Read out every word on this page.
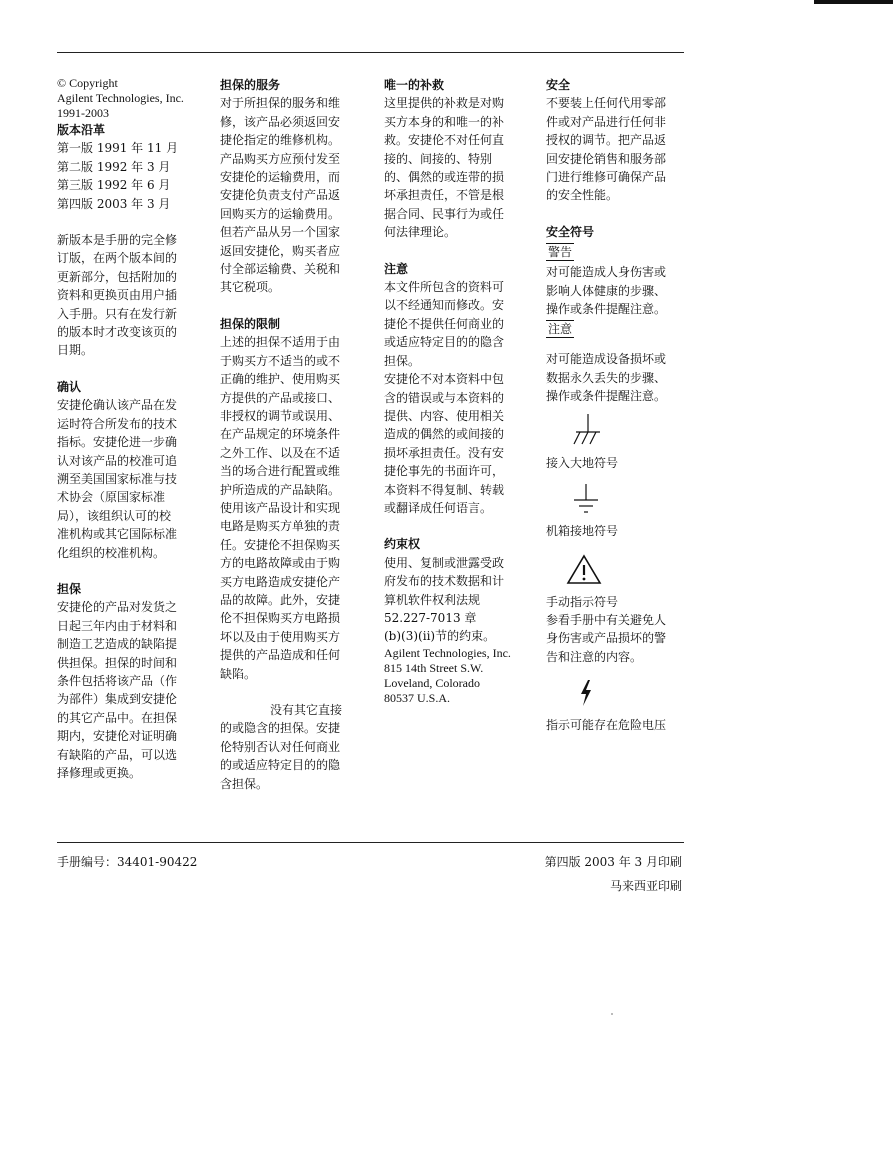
© Copyright
Agilent Technologies, Inc.
1991-2003

版本沿革

第一版 1991 年 11 月
第二版 1992 年 3 月
第三版 1992 年 6 月
第四版 2003 年 3 月

新版本是手册的完全修
订版，在两个版本间的
更新部分，包括附加的
资料和更换页由用户插
入手册。只有在发行新
的版本时才改变该页的
日期。

确认

安捷伦确认该产品在发
运时符合所发布的技术
指标。安捷伦进一步确
认对该产品的校准可追
溯至美国国家标准与技
术协会（原国家标准
局），该组织认可的校
准机构或其它国际标准
化组织的校准机构。

担保

安捷伦的产品对发货之
日起三年内由于材料和
制造工艺造成的缺陷提
供担保。担保的时间和
条件包括将该产品（作
为部件）集成到安捷伦
的其它产品中。在担保
期内，安捷伦对证明确
有缺陷的产品，可以选
择修理或更换。

担保的服务

对于所担保的服务和维
修，该产品必须返回安
捷伦指定的维修机构。
产品购买方应预付发至
安捷伦的运输费用，而
安捷伦负责支付产品返
回购买方的运输费用。
但若产品从另一个国家
返回安捷伦，购买者应
付全部运输费、关税和
其它税项。

担保的限制

上述的担保不适用于由
于购买方不适当的或不
正确的维护、使用购买
方提供的产品或接口、
非授权的调节或误用、
在产品规定的环境条件
之外工作、以及在不适
当的场合进行配置或维
护所造成的产品缺陷。
使用该产品设计和实现
电路是购买方单独的责
任。安捷伦不担保购买
方的电路故障或由于购
买方电路造成安捷伦产
品的故障。此外，安捷
伦不担保购买方电路损
坏以及由于使用购买方
提供的产品造成和任何
缺陷。

没有其它直接
的或隐含的担保。安捷
伦特别否认对任何商业
的或适应特定目的的隐
含担保。

唯一的补救

这里提供的补救是对购
买方本身的和唯一的补
救。安捷伦不对任何直
接的、间接的、特别
的、偶然的或连带的损
坏承担责任，不管是根
据合同、民事行为或任
何法律理论。

注意

本文件所包含的资料可
以不经通知而修改。安
捷伦不提供任何商业的
或适应特定目的的隐含
担保。
安捷伦不对本资料中包
含的错误或与本资料的
提供、内容、使用相关
造成的偶然的或间接的
损坏承担责任。没有安
捷伦事先的书面许可，
本资料不得复制、转载
或翻译成任何语言。

约束权

使用、复制或泄露受政
府发布的技术数据和计
算机软件权利法规
52.227-7013 章
(b)(3)(ii)节的约束。

Agilent Technologies, Inc.
815 14th Street S.W.
Loveland, Colorado
80537 U.S.A.

安全

不要装上任何代用零部
件或对产品进行任何非
授权的调节。把产品返
回安捷伦销售和服务部
门进行维修可确保产品
的安全性能。

安全符号

警告

对可能造成人身伤害或
影响人体健康的步骤、
操作或条件提醒注意。

注意

对可能造成设备损坏或
数据永久丢失的步骤、
操作或条件提醒注意。

接入大地符号

机箱接地符号

手动指示符号

参看手册中有关避免人
身伤害或产品损坏的警
告和注意的内容。

指示可能存在危险电压

手册编号：34401-90422	第四版 2003 年 3 月印刷
马来西亚印刷
